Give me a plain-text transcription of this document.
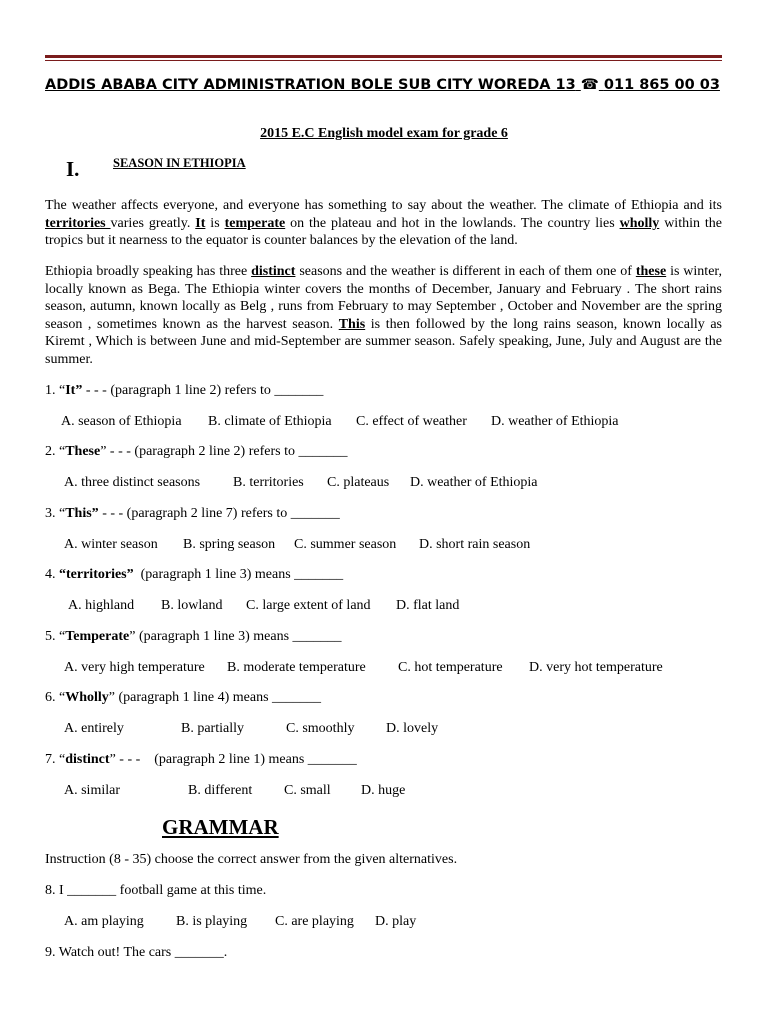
ADDIS ABABA CITY ADMINISTRATION BOLE SUB CITY WOREDA 13 ☎ 011 865 00 03
2015 E.C English model exam for grade 6
I.	SEASON IN ETHIOPIA

The weather affects everyone, and everyone has something to say about the weather. The climate of Ethiopia and its territories varies greatly. It is temperate on the plateau and hot in the lowlands. The country lies wholly within the tropics but it nearness to the equator is counter balances by the elevation of the land.

Ethiopia broadly speaking has three distinct seasons and the weather is different in each of them one of these is winter, locally known as Bega. The Ethiopia winter covers the months of December, January and February . The short rains season, autumn, known locally as Belg , runs from February to may September , October and November are the spring season , sometimes known as the harvest season. This is then followed by the long rains season, known locally as Kiremt , Which is between June and mid-September are summer season. Safely speaking, June, July and August are the summer.

1. “It” - - - (paragraph 1 line 2) refers to _______
A. season of Ethiopia B. climate of Ethiopia C. effect of weather D. weather of Ethiopia
2. “These” - - - (paragraph 2 line 2) refers to _______
A. three distinct seasons B. territories C. plateaus D. weather of Ethiopia
3. “This” - - - (paragraph 2 line 7) refers to _______
A. winter season B. spring season C. summer season D. short rain season
4. “territories”  (paragraph 1 line 3) means _______
A. highland B. lowland C. large extent of land D. flat land
5. “Temperate” (paragraph 1 line 3) means _______
A. very high temperature B. moderate temperature C. hot temperature D. very hot temperature
6. “Wholly” (paragraph 1 line 4) means _______
A. entirely	B. partially	C. smoothly D. lovely
7. “distinct” - - -    (paragraph 2 line 1) means _______
A. similar	B. different C. small D. huge
GRAMMAR
Instruction (8 - 35) choose the correct answer from the given alternatives.
8. I _______ football game at this time.
A. am playing B. is playing C. are playing D. play
9. Watch out! The cars _______.
